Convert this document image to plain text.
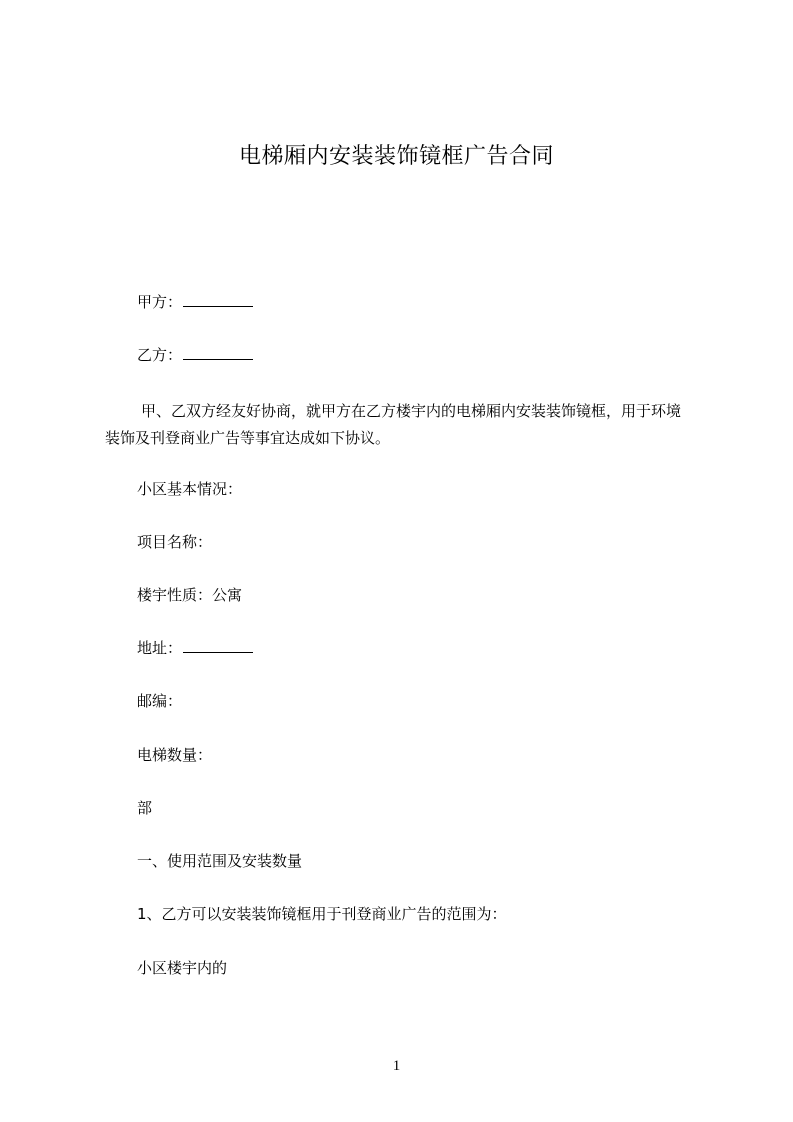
电梯厢内安装装饰镜框广告合同
甲方：
乙方：
甲、乙双方经友好协商，就甲方在乙方楼宇内的电梯厢内安装装饰镜框，用于环境装饰及刊登商业广告等事宜达成如下协议。
小区基本情况：
项目名称：
楼宇性质：公寓
地址：
邮编：
电梯数量：
部
一、使用范围及安装数量
1、乙方可以安装装饰镜框用于刊登商业广告的范围为：
小区楼宇内的
1
